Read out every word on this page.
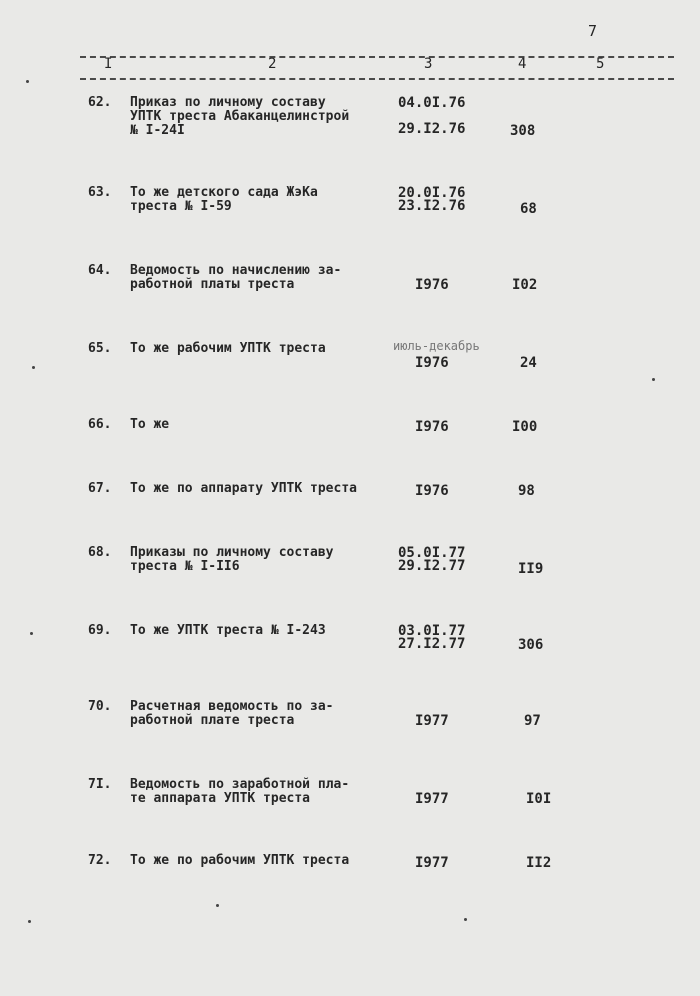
7
I	2	3	4	5
62. Приказ по личному составу
УПТК треста Абаканцелинстрой
№ I-24I
04.0I.76
29.I2.76	308
63. То же детского сада ЖэКа
треста № I-59
20.0I.76
23.I2.76	68
64. Ведомость по начислению за-
работной платы треста	I976	I02
65. То же рабочим УПТК треста	июль-декабрь
I976	24
66. То же	I976	I00
67. То же по аппарату УПТК треста	I976	98
68. Приказы по личному составу
треста № I-II6
05.0I.77
29.I2.77	II9
69. То же УПТК треста № I-243	03.0I.77
27.I2.77	306
70. Расчетная ведомость по за-
работной плате треста	I977	97
7I. Ведомость по заработной пла-
те аппарата УПТК треста	I977	I0I
72. То же по рабочим УПТК треста	I977	II2
